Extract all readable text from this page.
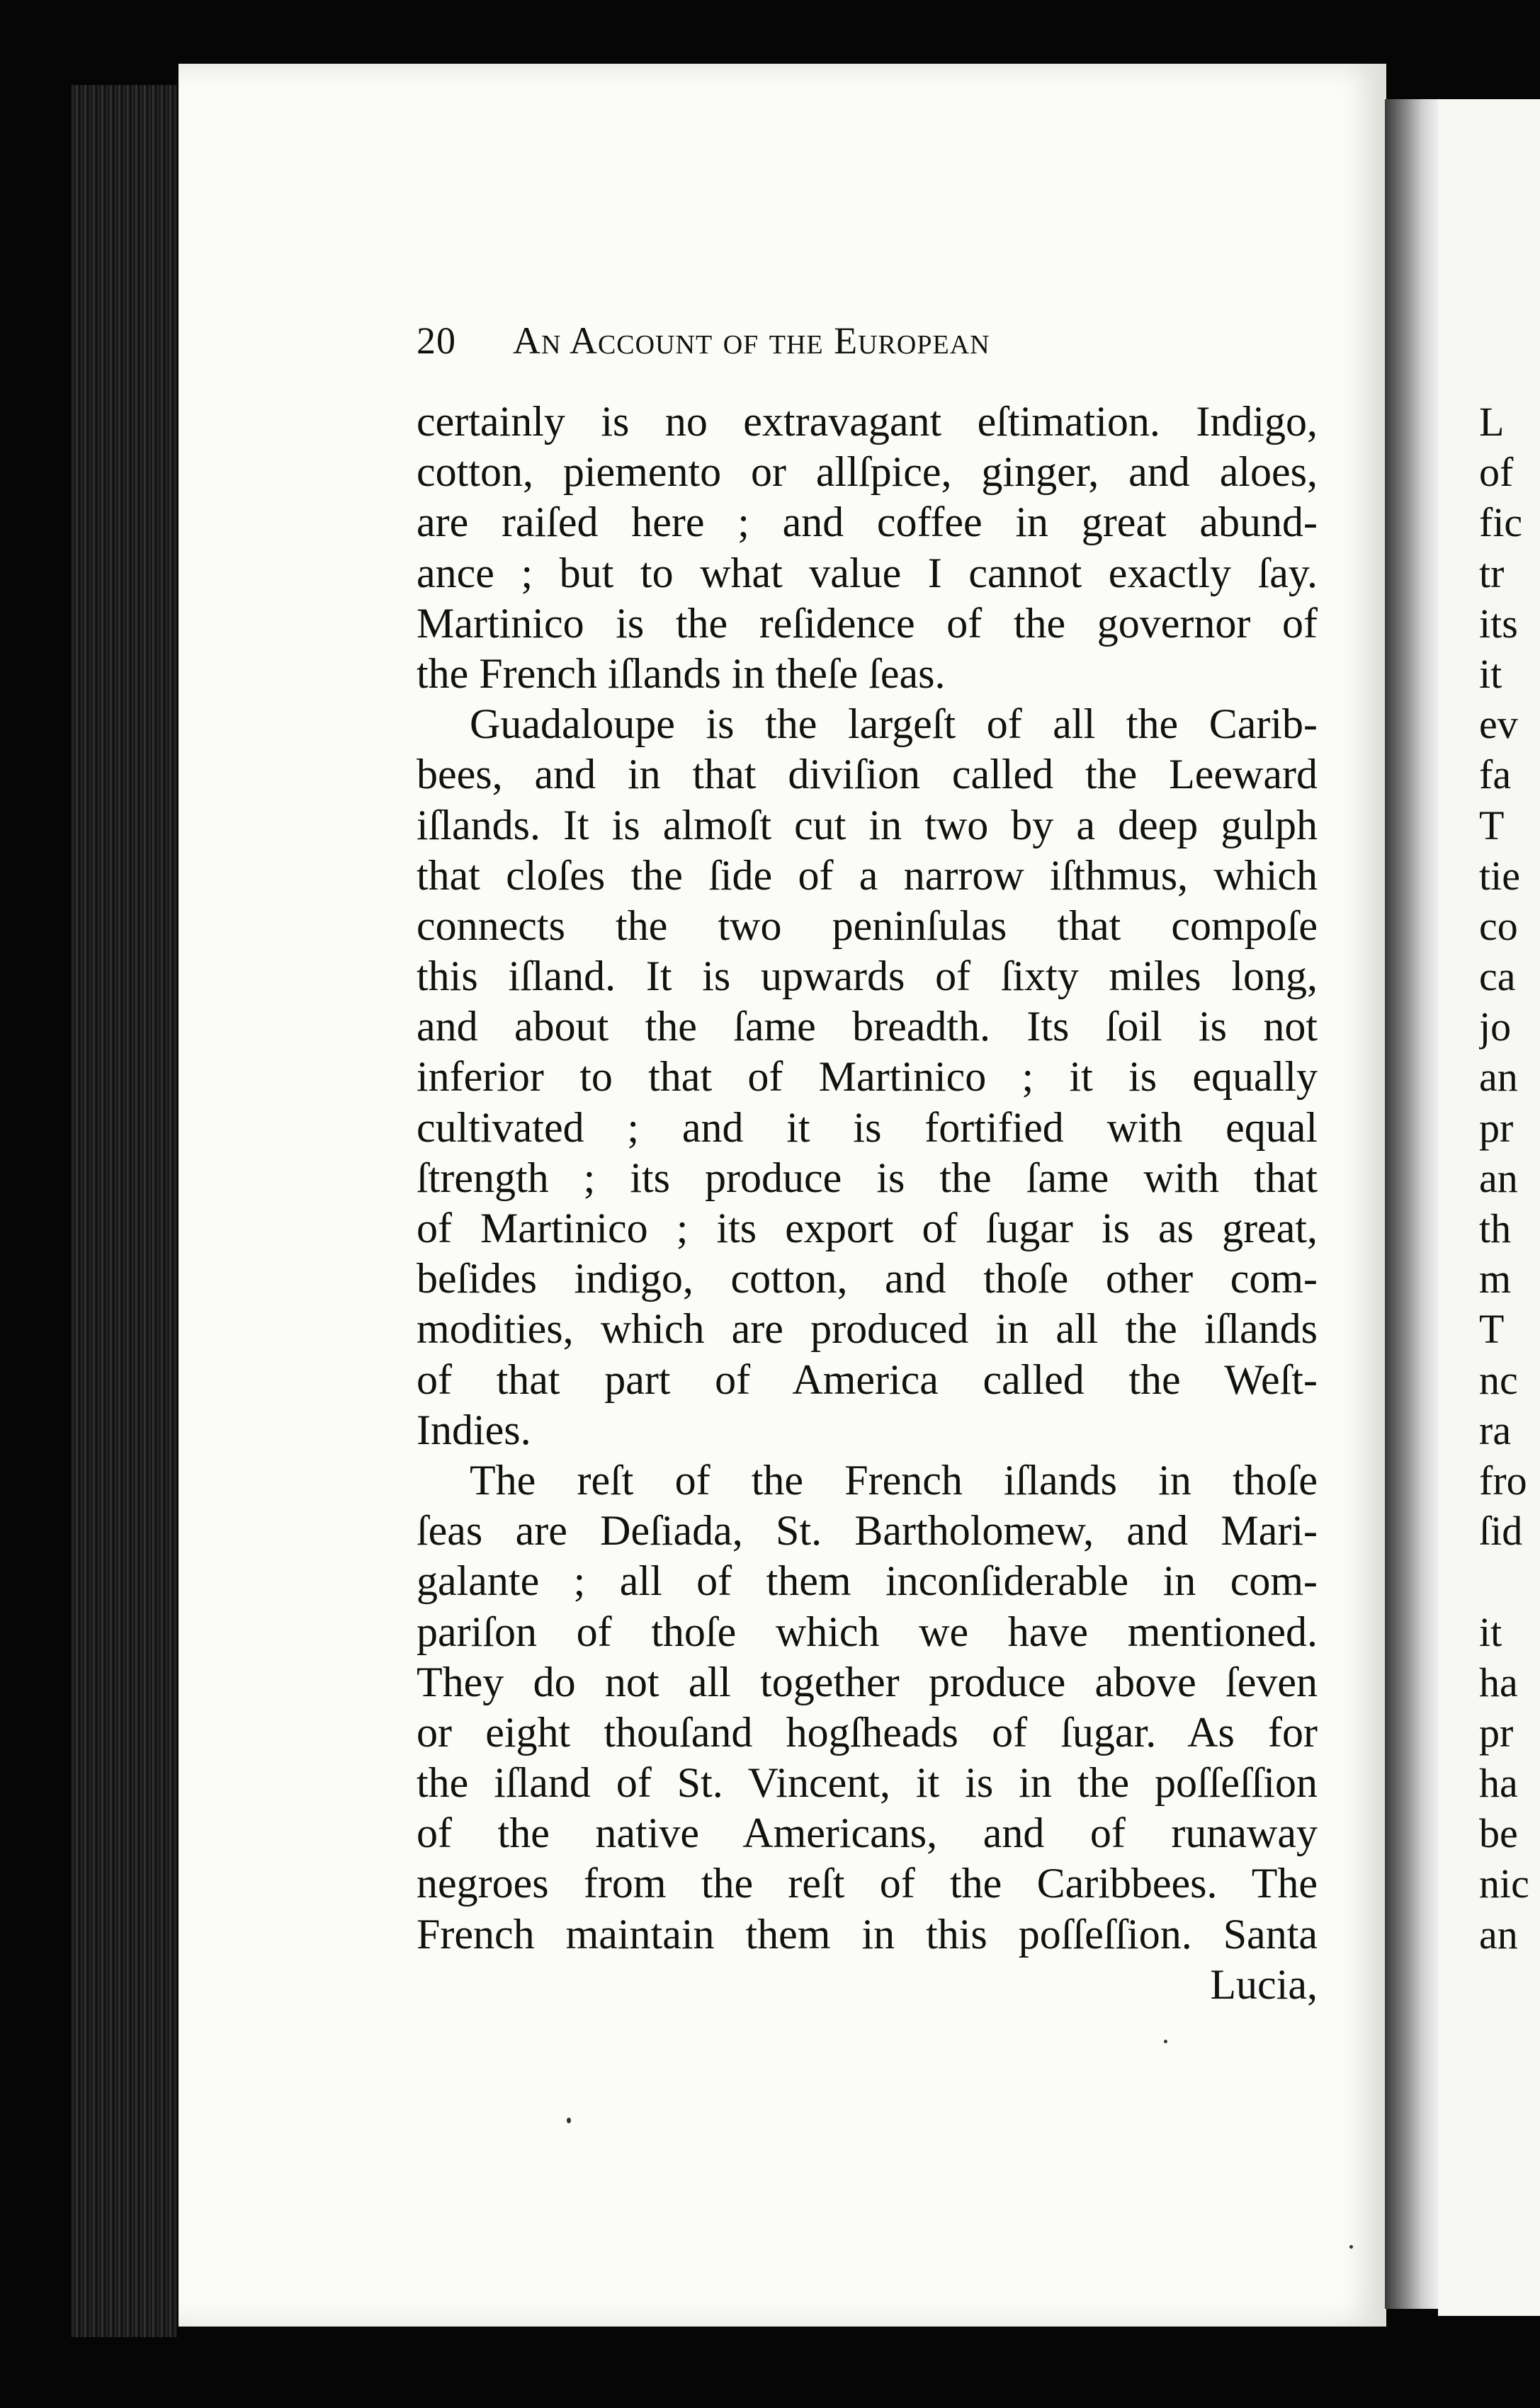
20 An Account of the European
certainly is no extravagant eſtimation. Indigo,
cotton, piemento or allſpice, ginger, and aloes,
are raiſed here ; and coffee in great abund-
ance ; but to what value I cannot exactly ſay.
Martinico is the reſidence of the governor of
the French iſlands in theſe ſeas.
Guadaloupe is the largeſt of all the Carib-
bees, and in that diviſion called the Leeward
iſlands. It is almoſt cut in two by a deep gulph
that cloſes the ſide of a narrow iſthmus, which
connects the two peninſulas that compoſe
this iſland. It is upwards of ſixty miles long,
and about the ſame breadth. Its ſoil is not
inferior to that of Martinico ; it is equally
cultivated ; and it is fortified with equal
ſtrength ; its produce is the ſame with that
of Martinico ; its export of ſugar is as great,
beſides indigo, cotton, and thoſe other com-
modities, which are produced in all the iſlands
of that part of America called the Weſt-
Indies.
The reſt of the French iſlands in thoſe
ſeas are Deſiada, St. Bartholomew, and Mari-
galante ; all of them inconſiderable in com-
pariſon of thoſe which we have mentioned.
They do not all together produce above ſeven
or eight thouſand hogſheads of ſugar. As for
the iſland of St. Vincent, it is in the poſſeſſion
of the native Americans, and of runaway
negroes from the reſt of the Caribbees. The
French maintain them in this poſſeſſion. Santa
Lucia,
L
of
fic
tr
its
it
ev
fa
T
tie
co
ca
jo
an
pr
an
th
m
T
nc
ra
fro
ſid
it
ha
pr
ha
be
nic
an
